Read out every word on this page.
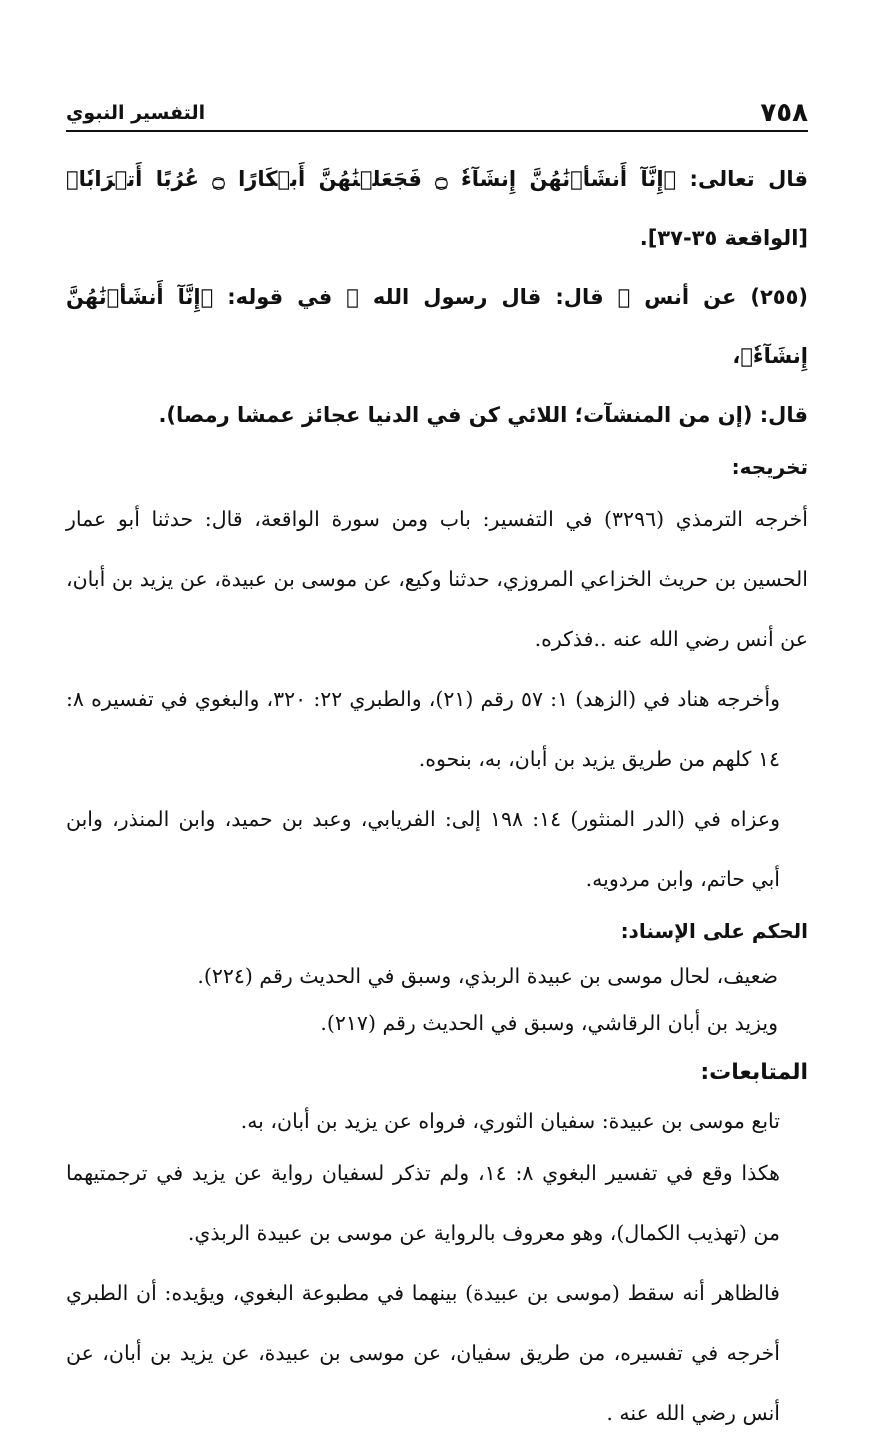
٧٥٨
التفسير النبوي

قال تعالى: ﴿إِنَّآ أَنشَأۡنَٰهُنَّ إِنشَآءٗ ۝ فَجَعَلۡنَٰهُنَّ أَبۡكَارًا ۝ عُرُبًا أَتۡرَابٗا﴾ [الواقعة ٣٥-٣٧].

(٢٥٥) عن أنس ﷺ قال: قال رسول الله ﷺ في قوله: ﴿إِنَّآ أَنشَأۡنَٰهُنَّ إِنشَآءٗ﴾،

قال: (إن من المنشآت؛ اللائي كن في الدنيا عجائز عمشا رمصا).

تخريجه:

أخرجه الترمذي (٣٢٩٦) في التفسير: باب ومن سورة الواقعة، قال: حدثنا أبو عمار الحسين بن حريث الخزاعي المروزي، حدثنا وكيع، عن موسى بن عبيدة، عن يزيد بن أبان، عن أنس رضي الله عنه ..فذكره.

وأخرجه هناد في (الزهد) ١: ٥٧ رقم (٢١)، والطبري ٢٢: ٣٢٠، والبغوي في تفسيره ٨: ١٤ كلهم من طريق يزيد بن أبان، به، بنحوه.

وعزاه في (الدر المنثور) ١٤: ١٩٨ إلى: الفريابي، وعبد بن حميد، وابن المنذر، وابن أبي حاتم، وابن مردويه.

الحكم على الإسناد:

ضعيف، لحال موسى بن عبيدة الربذي، وسبق في الحديث رقم (٢٢٤).

ويزيد بن أبان الرقاشي، وسبق في الحديث رقم (٢١٧).

المتابعات:

تابع موسى بن عبيدة: سفيان الثوري، فرواه عن يزيد بن أبان، به.

هكذا وقع في تفسير البغوي ٨: ١٤، ولم تذكر لسفيان رواية عن يزيد في ترجمتيهما من (تهذيب الكمال)، وهو معروف بالرواية عن موسى بن عبيدة الربذي.

فالظاهر أنه سقط (موسى بن عبيدة) بينهما في مطبوعة البغوي، ويؤيده: أن الطبري أخرجه في تفسيره، من طريق سفيان، عن موسى بن عبيدة، عن يزيد بن أبان، عن أنس رضي الله عنه .
